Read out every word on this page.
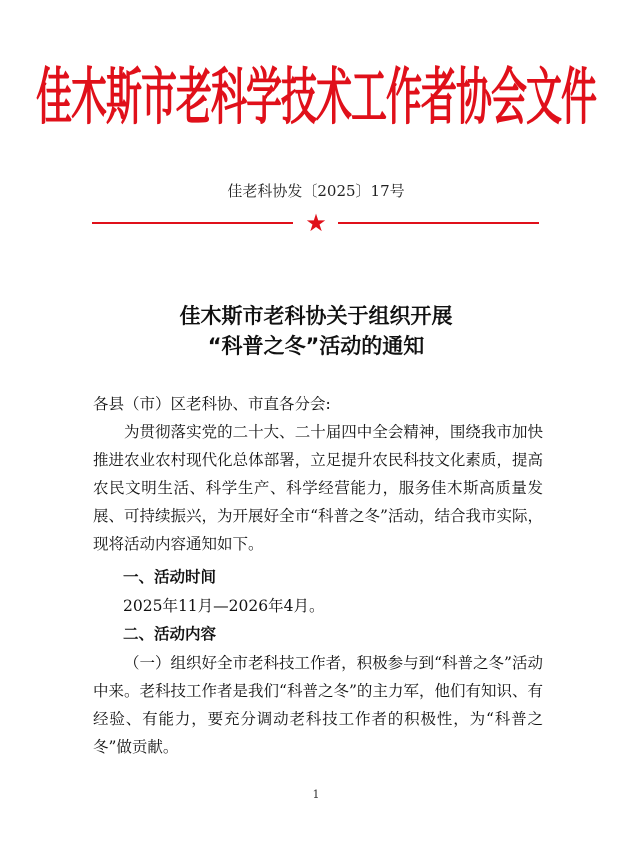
佳木斯市老科学技术工作者协会文件
佳老科协发〔2025〕17号
★
佳木斯市老科协关于组织开展
“科普之冬”活动的通知
各县（市）区老科协、市直各分会:

为贯彻落实党的二十大、二十届四中全会精神，围绕我市加快推进农业农村现代化总体部署，立足提升农民科技文化素质，提高农民文明生活、科学生产、科学经营能力，服务佳木斯高质量发展、可持续振兴，为开展好全市“科普之冬”活动，结合我市实际，现将活动内容通知如下。

一、活动时间
2025年11月—2026年4月。
二、活动内容

（一）组织好全市老科技工作者，积极参与到“科普之冬”活动中来。老科技工作者是我们“科普之冬”的主力军，他们有知识、有经验、有能力，要充分调动老科技工作者的积极性，为“科普之冬”做贡献。

1
